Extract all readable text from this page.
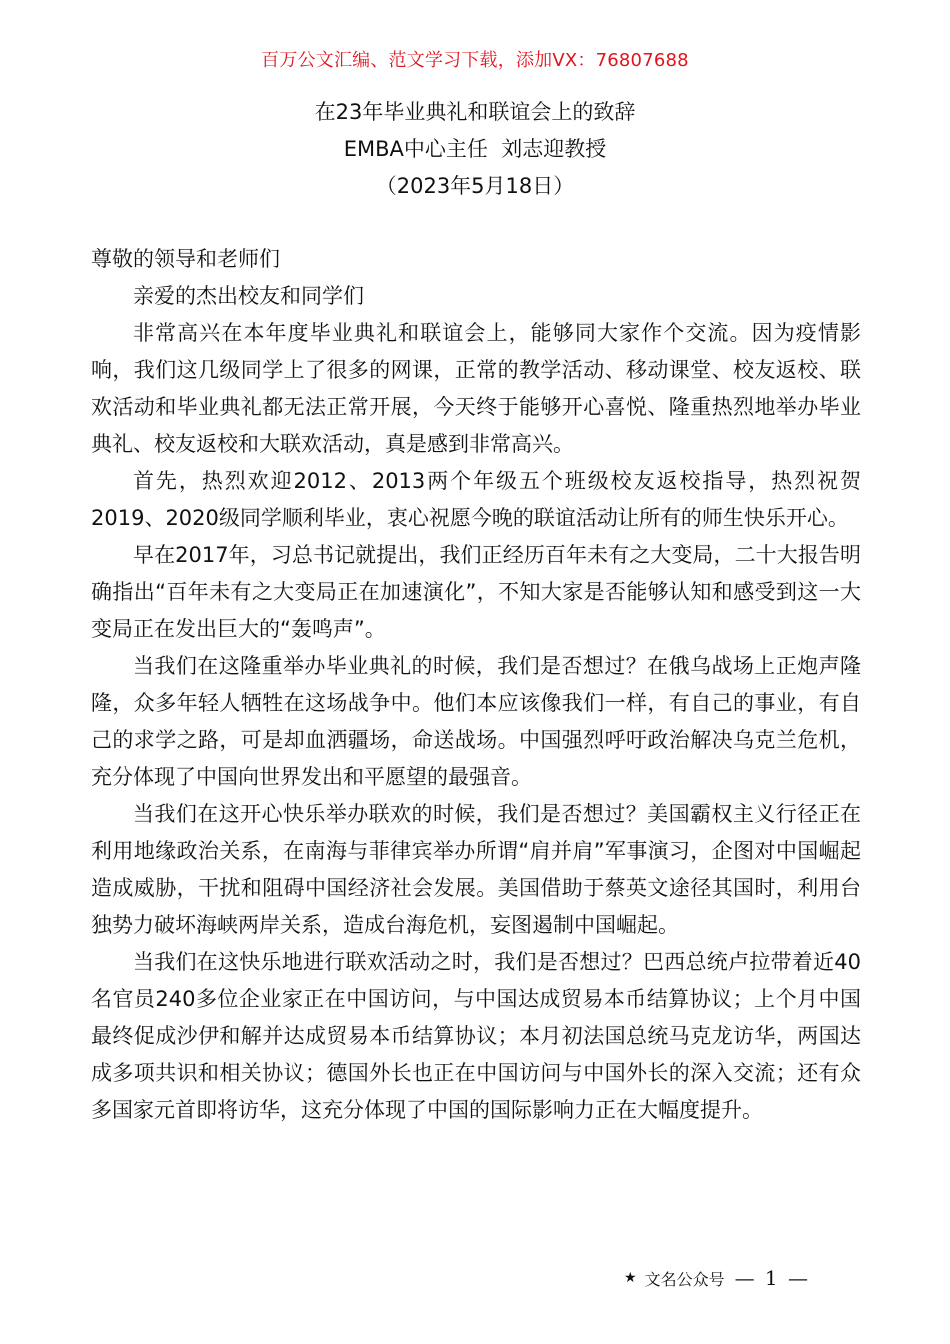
百万公文汇编、范文学习下载，添加VX：76807688
在23年毕业典礼和联谊会上的致辞
EMBA中心主任  刘志迎教授
（2023年5月18日）

尊敬的领导和老师们

亲爱的杰出校友和同学们

非常高兴在本年度毕业典礼和联谊会上，能够同大家作个交流。因为疫情影响，我们这几级同学上了很多的网课，正常的教学活动、移动课堂、校友返校、联欢活动和毕业典礼都无法正常开展，今天终于能够开心喜悦、隆重热烈地举办毕业典礼、校友返校和大联欢活动，真是感到非常高兴。

首先，热烈欢迎2012、2013两个年级五个班级校友返校指导，热烈祝贺2019、2020级同学顺利毕业，衷心祝愿今晚的联谊活动让所有的师生快乐开心。

早在2017年，习总书记就提出，我们正经历百年未有之大变局，二十大报告明确指出“百年未有之大变局正在加速演化”，不知大家是否能够认知和感受到这一大变局正在发出巨大的“轰鸣声”。

当我们在这隆重举办毕业典礼的时候，我们是否想过？在俄乌战场上正炮声隆隆，众多年轻人牺牲在这场战争中。他们本应该像我们一样，有自己的事业，有自己的求学之路，可是却血洒疆场，命送战场。中国强烈呼吁政治解决乌克兰危机，充分体现了中国向世界发出和平愿望的最强音。

当我们在这开心快乐举办联欢的时候，我们是否想过？美国霸权主义行径正在利用地缘政治关系，在南海与菲律宾举办所谓“肩并肩”军事演习，企图对中国崛起造成威胁，干扰和阻碍中国经济社会发展。美国借助于蔡英文途径其国时，利用台独势力破坏海峡两岸关系，造成台海危机，妄图遏制中国崛起。

当我们在这快乐地进行联欢活动之时，我们是否想过？巴西总统卢拉带着近40名官员240多位企业家正在中国访问，与中国达成贸易本币结算协议；上个月中国最终促成沙伊和解并达成贸易本币结算协议；本月初法国总统马克龙访华，两国达成多项共识和相关协议；德国外长也正在中国访问与中国外长的深入交流；还有众多国家元首即将访华，这充分体现了中国的国际影响力正在大幅度提升。

★ 文名公众号 — 1 —
